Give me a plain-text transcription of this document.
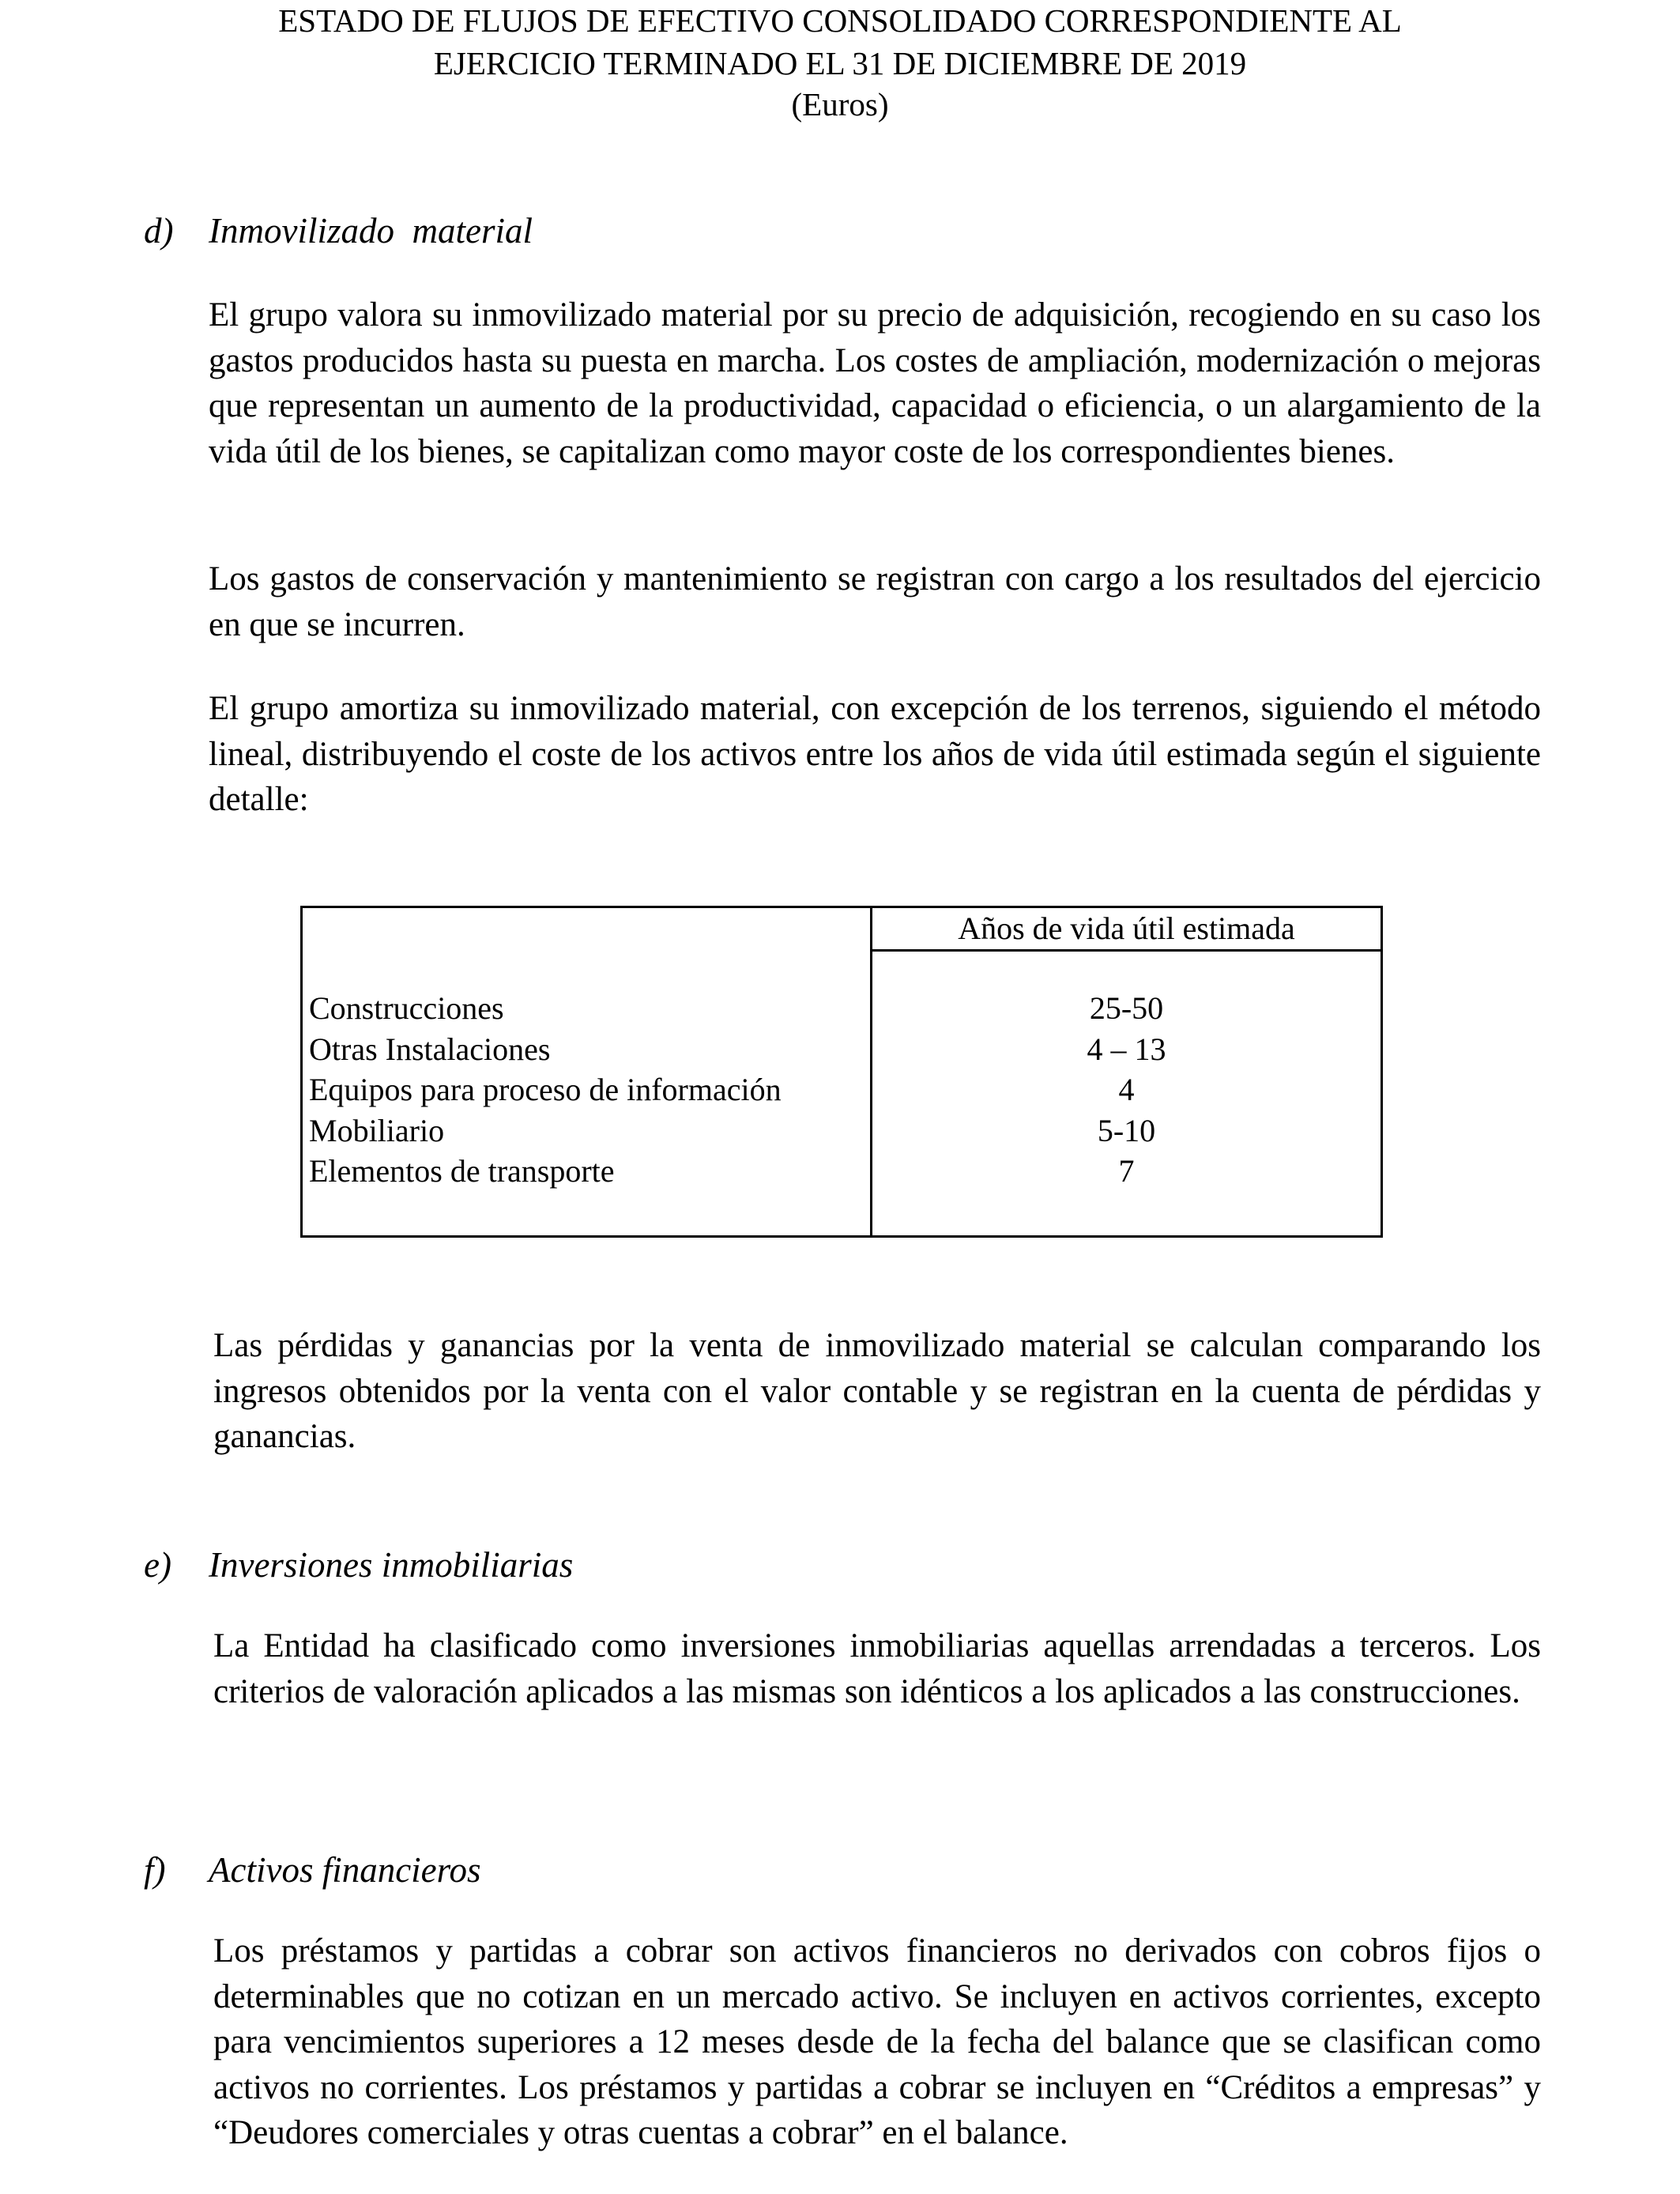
ESTADO DE FLUJOS DE EFECTIVO CONSOLIDADO CORRESPONDIENTE AL
EJERCICIO TERMINADO EL 31 DE DICIEMBRE DE 2019
(Euros)
d) Inmovilizado  material
El grupo valora su inmovilizado material por su precio de adquisición, recogiendo en su caso los gastos producidos hasta su puesta en marcha. Los costes de ampliación, modernización o mejoras que representan un aumento de la productividad, capacidad o eficiencia, o un alargamiento de la vida útil de los bienes, se capitalizan como mayor coste de los correspondientes bienes.
Los gastos de conservación y mantenimiento se registran con cargo a los resultados del ejercicio en que se incurren.
El grupo amortiza su inmovilizado material, con excepción de los terrenos, siguiendo el método lineal, distribuyendo el coste de los activos entre los años de vida útil estimada según el siguiente detalle:
Años de vida útil estimada
Construcciones	25-50
Otras Instalaciones	4 – 13
Equipos para proceso de información	4
Mobiliario	5-10
Elementos de transporte	7
Las pérdidas y ganancias por la venta de inmovilizado material se calculan comparando los ingresos obtenidos por la venta con el valor contable y se registran en la cuenta de pérdidas y ganancias.
e) Inversiones inmobiliarias
La Entidad ha clasificado como inversiones inmobiliarias aquellas arrendadas a terceros. Los criterios de valoración aplicados a las mismas son idénticos a los aplicados a las construcciones.
f) Activos financieros
Los préstamos y partidas a cobrar son activos financieros no derivados con cobros fijos o determinables que no cotizan en un mercado activo. Se incluyen en activos corrientes, excepto para vencimientos superiores a 12 meses desde de la fecha del balance que se clasifican como activos no corrientes. Los préstamos y partidas a cobrar se incluyen en “Créditos a empresas” y “Deudores comerciales y otras cuentas a cobrar” en el balance.
